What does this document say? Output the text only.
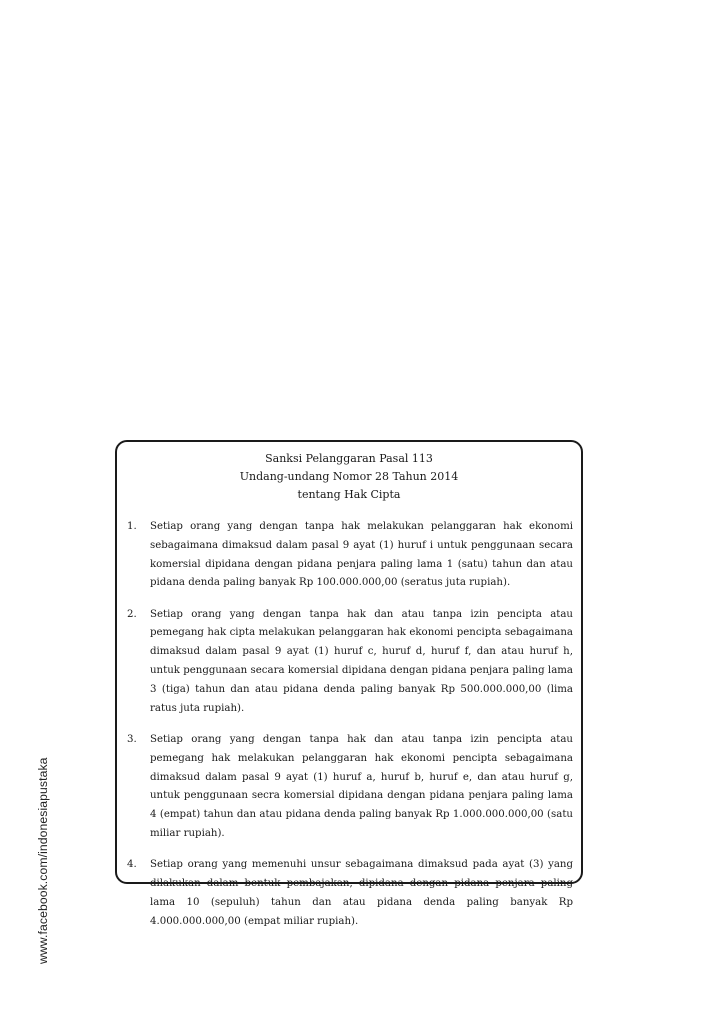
www.facebook.com/indonesiapustaka
Sanksi Pelanggaran Pasal 113
Undang-undang Nomor 28 Tahun 2014
tentang Hak Cipta
1.	Setiap orang yang dengan tanpa hak melakukan pelanggaran hak ekonomi sebagaimana dimaksud dalam pasal 9 ayat (1) huruf i untuk penggunaan secara komersial dipidana dengan pidana penjara paling lama 1 (satu) tahun dan atau pidana denda paling banyak Rp 100.000.000,00 (seratus juta rupiah).
2.	Setiap orang yang dengan tanpa hak dan atau tanpa izin pencipta atau pemegang hak cipta melakukan pelanggaran hak ekonomi pencipta sebagaimana dimaksud dalam pasal 9 ayat (1) huruf c, huruf d, huruf f, dan atau huruf h, untuk penggunaan secara komersial dipidana dengan pidana penjara paling lama 3 (tiga) tahun dan atau pidana denda paling banyak Rp 500.000.000,00 (lima ratus juta rupiah).
3.	Setiap orang yang dengan tanpa hak dan atau tanpa izin pencipta atau pemegang hak melakukan pelanggaran hak ekonomi pencipta sebagaimana dimaksud dalam pasal 9 ayat (1) huruf a, huruf b, huruf e, dan atau huruf g, untuk penggunaan secra komersial dipidana dengan pidana penjara paling lama 4 (empat) tahun dan atau pidana denda paling banyak Rp 1.000.000.000,00 (satu miliar rupiah).
4.	Setiap orang yang memenuhi unsur sebagaimana dimaksud pada ayat (3) yang dilakukan dalam bentuk pembajakan, dipidana dengan pidana penjara paling lama 10 (sepuluh) tahun dan atau pidana denda paling banyak Rp 4.000.000.000,00 (empat miliar rupiah).
